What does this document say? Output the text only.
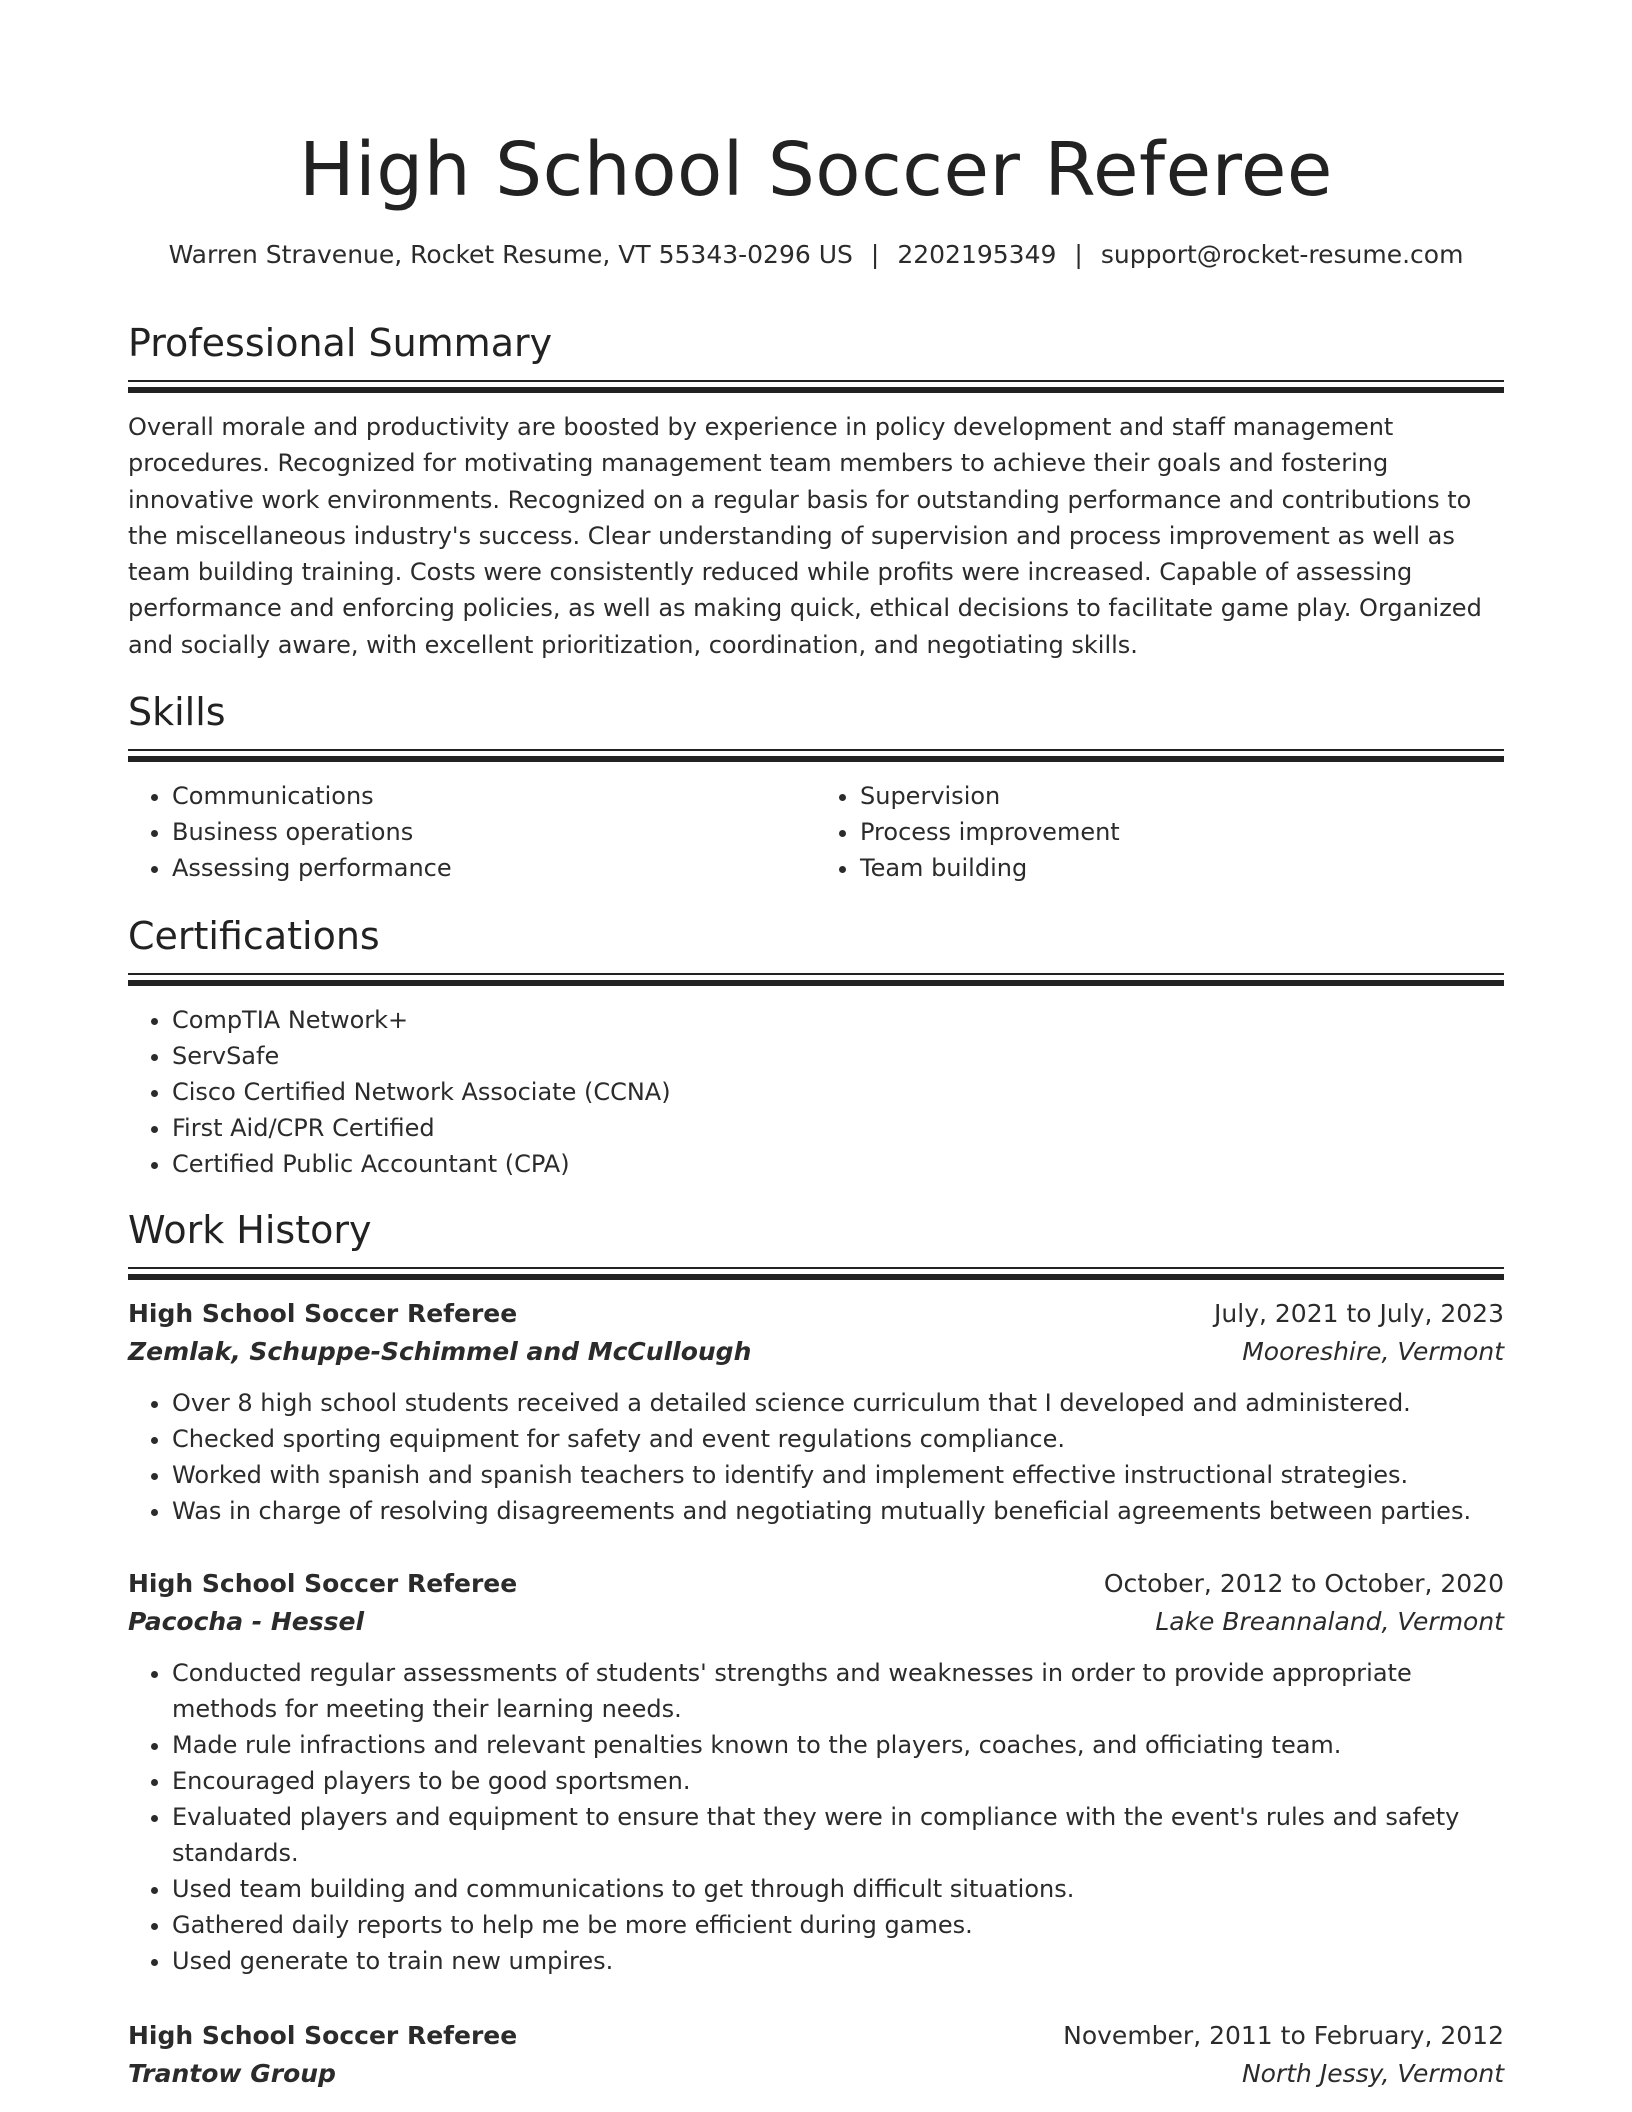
High School Soccer Referee
Warren Stravenue, Rocket Resume, VT 55343-0296 US | 2202195349 | support@rocket-resume.com
Professional Summary

Overall morale and productivity are boosted by experience in policy development and staff management procedures. Recognized for motivating management team members to achieve their goals and fostering innovative work environments. Recognized on a regular basis for outstanding performance and contributions to the miscellaneous industry's success. Clear understanding of supervision and process improvement as well as team building training. Costs were consistently reduced while profits were increased. Capable of assessing performance and enforcing policies, as well as making quick, ethical decisions to facilitate game play. Organized and socially aware, with excellent prioritization, coordination, and negotiating skills.

Skills
• Communications
• Business operations
• Assessing performance
• Supervision
• Process improvement
• Team building
Certifications
• CompTIA Network+
• ServSafe
• Cisco Certified Network Associate (CCNA)
• First Aid/CPR Certified
• Certified Public Accountant (CPA)
Work History
High School Soccer Referee	July, 2021 to July, 2023
Zemlak, Schuppe-Schimmel and McCullough	Mooreshire, Vermont
• Over 8 high school students received a detailed science curriculum that I developed and administered.
• Checked sporting equipment for safety and event regulations compliance.
• Worked with spanish and spanish teachers to identify and implement effective instructional strategies.
• Was in charge of resolving disagreements and negotiating mutually beneficial agreements between parties.
High School Soccer Referee	October, 2012 to October, 2020
Pacocha - Hessel	Lake Breannaland, Vermont
• Conducted regular assessments of students' strengths and weaknesses in order to provide appropriate methods for meeting their learning needs.
• Made rule infractions and relevant penalties known to the players, coaches, and officiating team.
• Encouraged players to be good sportsmen.
• Evaluated players and equipment to ensure that they were in compliance with the event's rules and safety standards.
• Used team building and communications to get through difficult situations.
• Gathered daily reports to help me be more efficient during games.
• Used generate to train new umpires.
High School Soccer Referee	November, 2011 to February, 2012
Trantow Group	North Jessy, Vermont
